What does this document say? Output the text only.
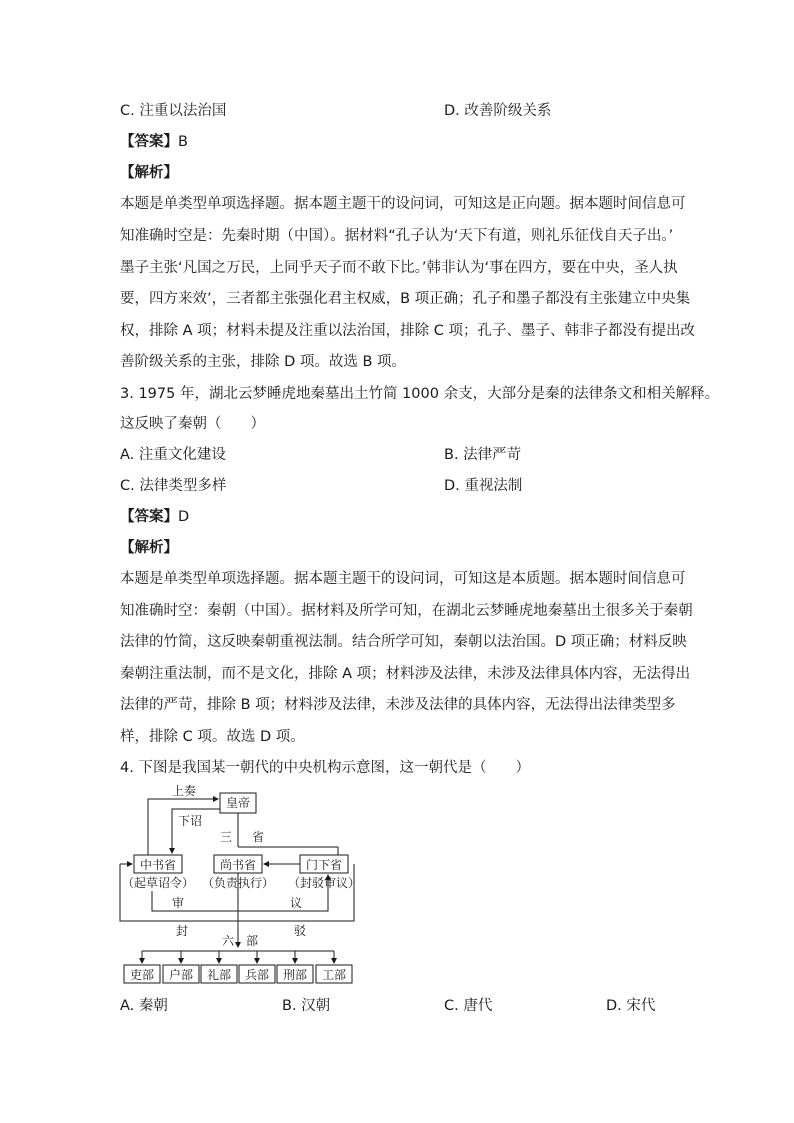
C. 注重以法治国	D. 改善阶级关系
【答案】B
【解析】
本题是单类型单项选择题。据本题主题干的设问词，可知这是正向题。据本题时间信息可
知准确时空是：先秦时期（中国）。据材料“孔子认为‘天下有道，则礼乐征伐自天子出。’
墨子主张‘凡国之万民，上同乎天子而不敢下比。’韩非认为‘事在四方，要在中央，圣人执
要，四方来效’，三者都主张强化君主权威，B 项正确；孔子和墨子都没有主张建立中央集
权，排除 A 项；材料未提及注重以法治国，排除 C 项；孔子、墨子、韩非子都没有提出改
善阶级关系的主张，排除 D 项。故选 B 项。
3. 1975 年，湖北云梦睡虎地秦墓出土竹简 1000 余支，大部分是秦的法律条文和相关解释。
这反映了秦朝（　　）
A. 注重文化建设	B. 法律严苛
C. 法律类型多样	D. 重视法制
【答案】D
【解析】
本题是单类型单项选择题。据本题主题干的设问词，可知这是本质题。据本题时间信息可
知准确时空：秦朝（中国）。据材料及所学可知，在湖北云梦睡虎地秦墓出土很多关于秦朝
法律的竹简，这反映秦朝重视法制。结合所学可知，秦朝以法治国。D 项正确；材料反映
秦朝注重法制，而不是文化，排除 A 项；材料涉及法律，未涉及法律具体内容，无法得出
法律的严苛，排除 B 项；材料涉及法律，未涉及法律的具体内容，无法得出法律类型多
样，排除 C 项。故选 D 项。
4. 下图是我国某一朝代的中央机构示意图，这一朝代是（　　）
皇帝
上奏
下诏
三 省
中书省	尚书省	门下省
（起草诏令） （负责执行） （封驳审议）
审	议
封	驳
六 部
吏部 户部 礼部 兵部 刑部 工部
A. 秦朝	B. 汉朝	C. 唐代	D. 宋代
